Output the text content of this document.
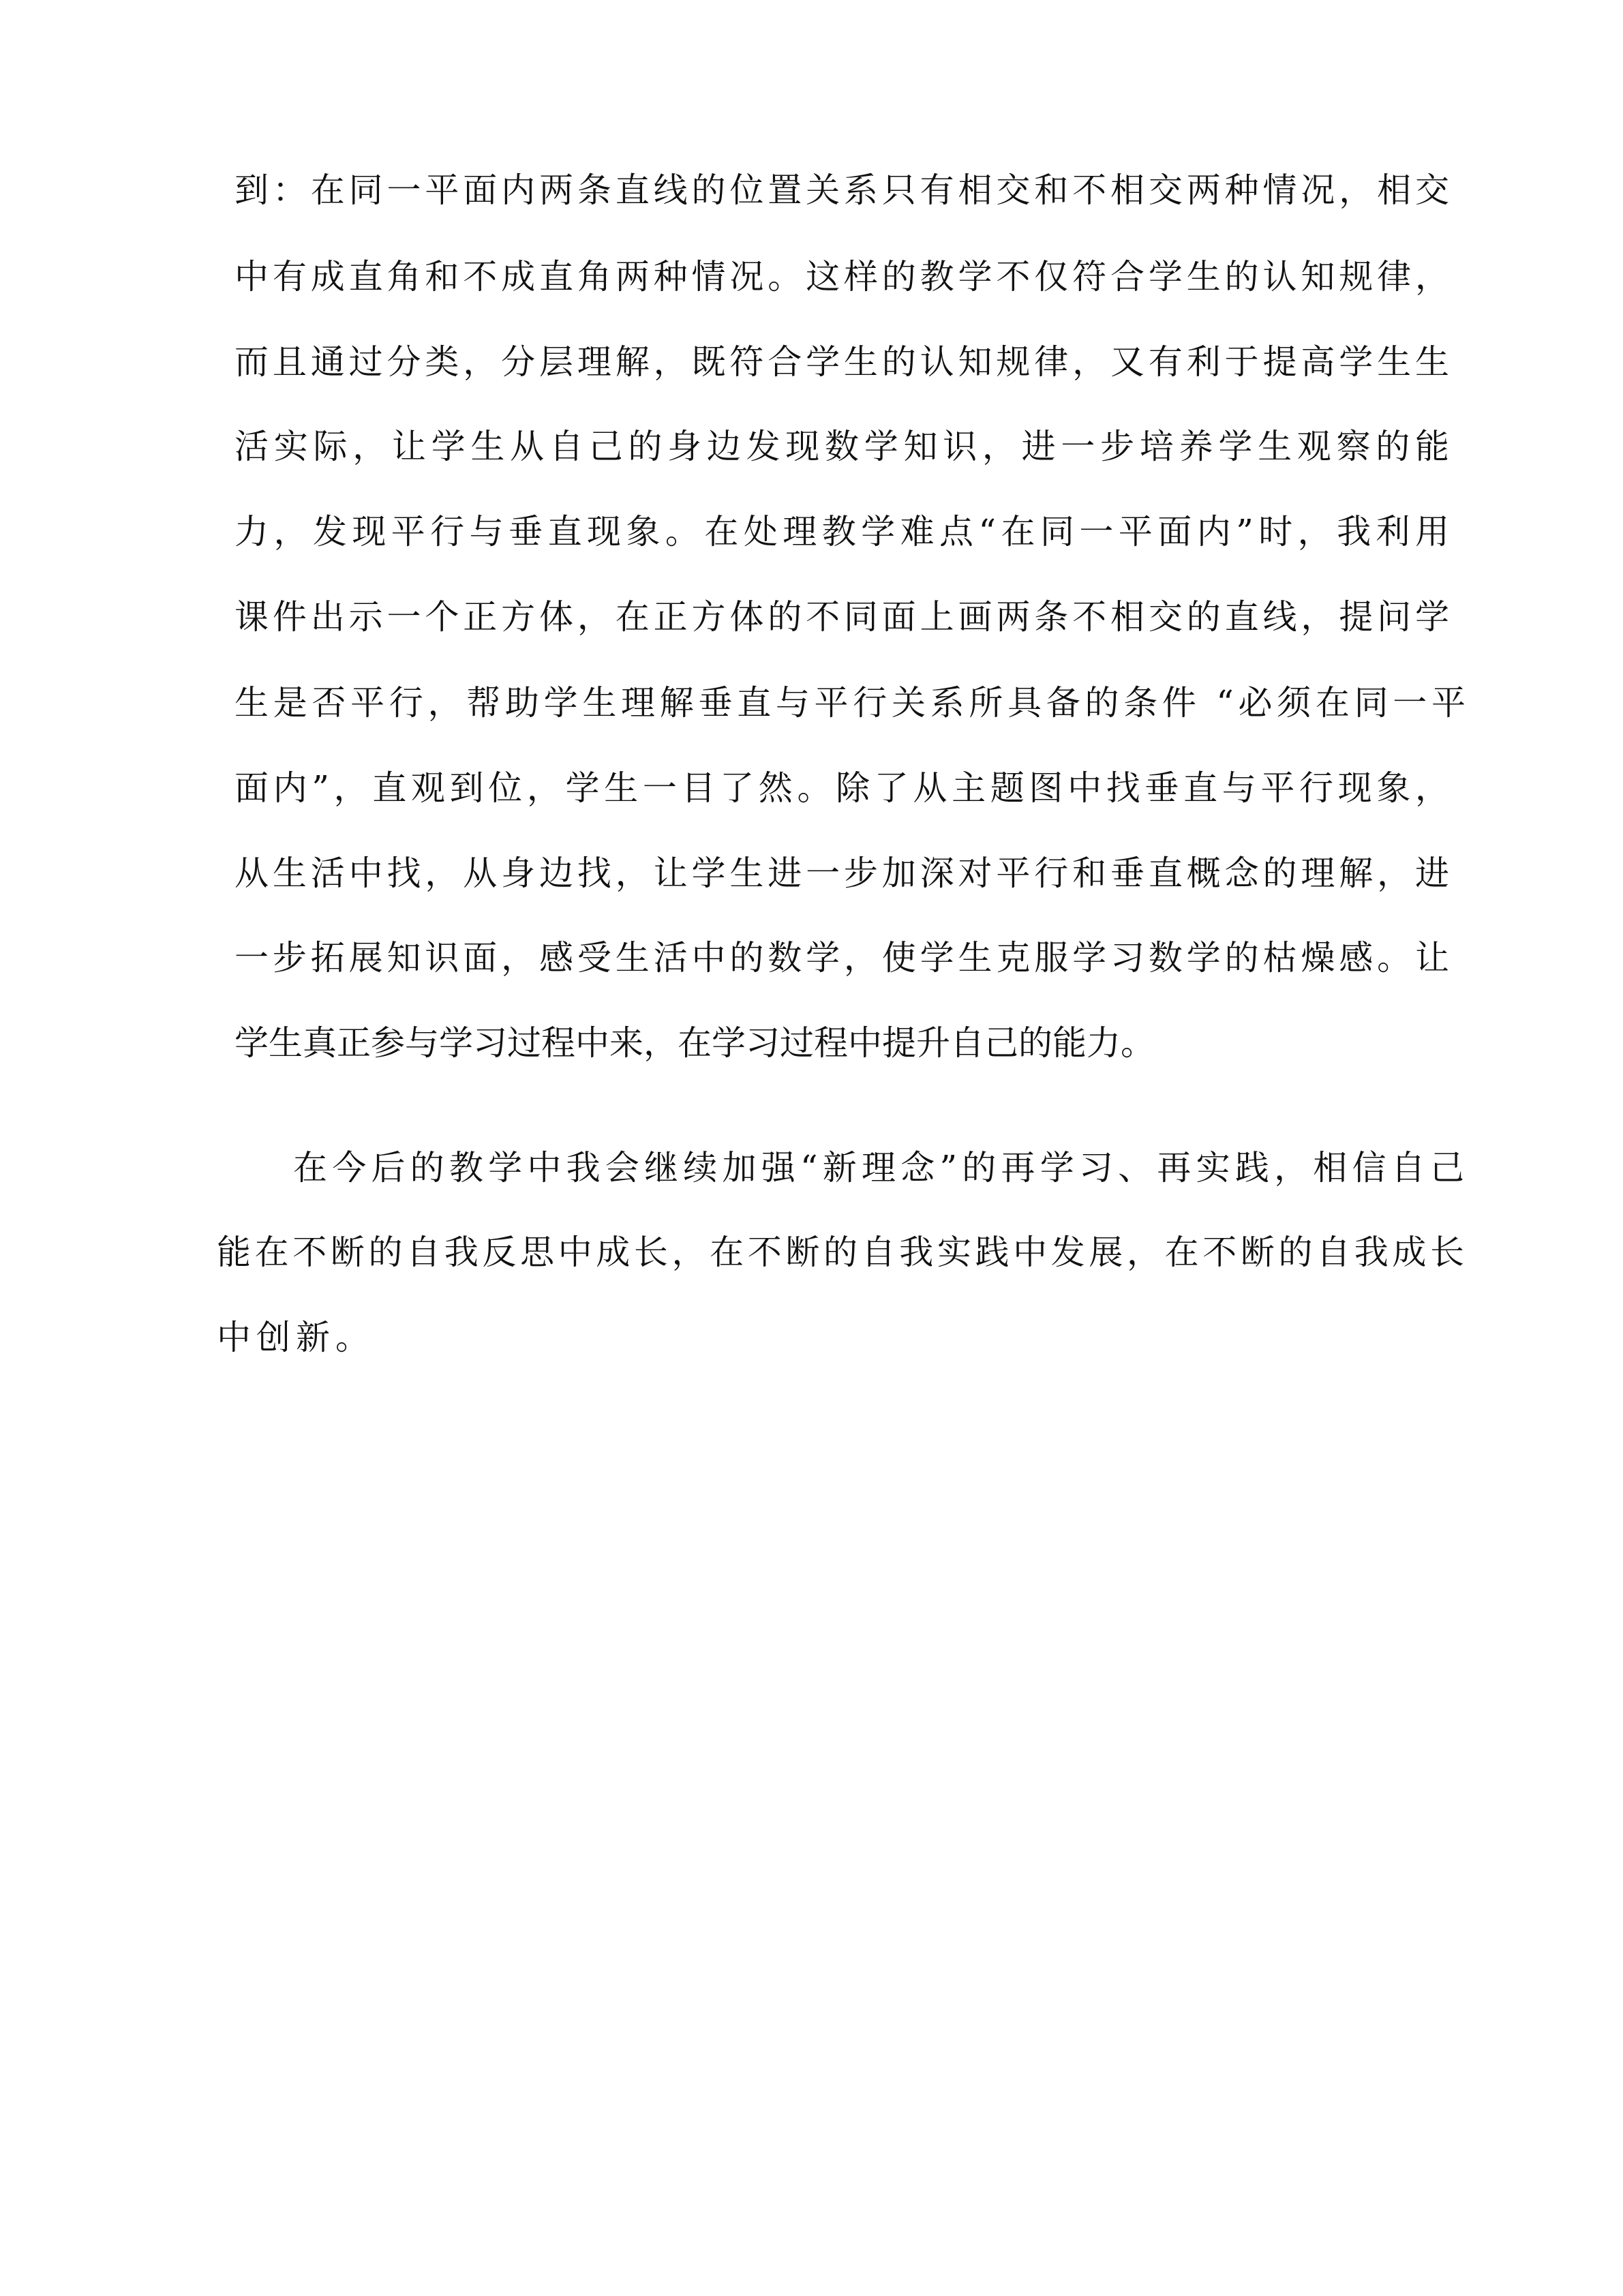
到：在同一平面内两条直线的位置关系只有相交和不相交两种情况，相交
中有成直角和不成直角两种情况。这样的教学不仅符合学生的认知规律，
而且通过分类，分层理解，既符合学生的认知规律，又有利于提高学生生
活实际，让学生从自己的身边发现数学知识，进一步培养学生观察的能
力，发现平行与垂直现象。在处理教学难点“在同一平面内”时，我利用
课件出示一个正方体，在正方体的不同面上画两条不相交的直线，提问学
生是否平行，帮助学生理解垂直与平行关系所具备的条件 “必须在同一平
面内”，直观到位，学生一目了然。除了从主题图中找垂直与平行现象，
从生活中找，从身边找，让学生进一步加深对平行和垂直概念的理解，进
一步拓展知识面，感受生活中的数学，使学生克服学习数学的枯燥感。让
学生真正参与学习过程中来，在学习过程中提升自己的能力。
在今后的教学中我会继续加强“新理念”的再学习、再实践，相信自己
能在不断的自我反思中成长，在不断的自我实践中发展，在不断的自我成长
中创新。
